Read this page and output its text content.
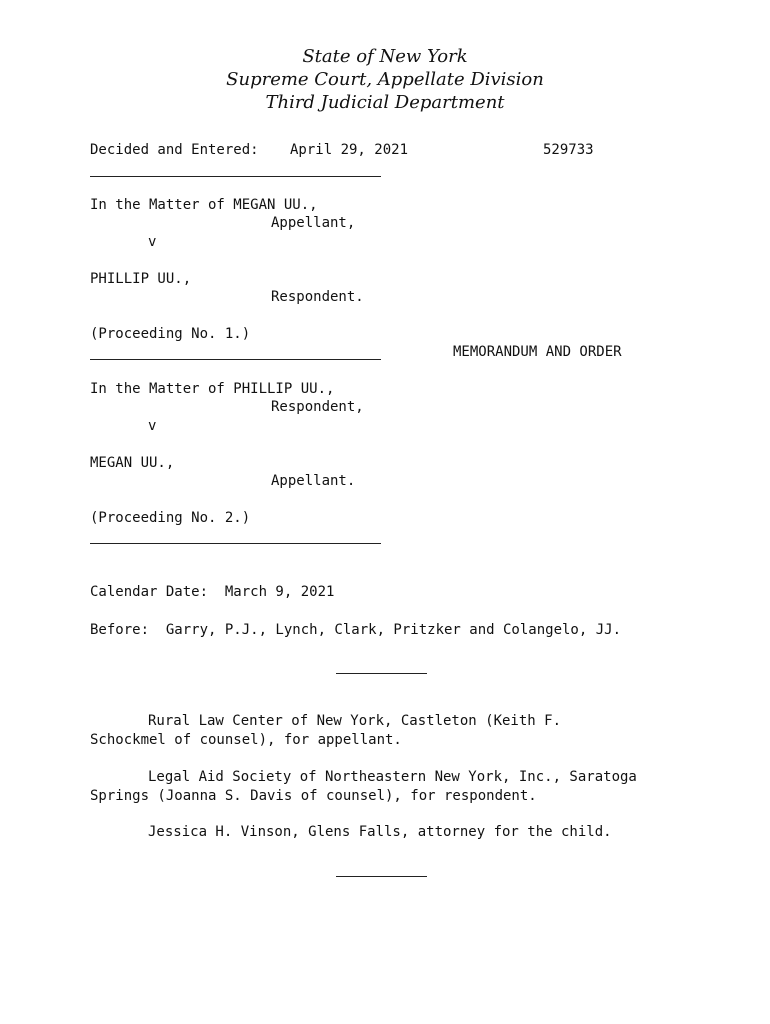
State of New York
Supreme Court, Appellate Division
Third Judicial Department
Decided and Entered: April 29, 2021	529733
In the Matter of MEGAN UU.,
Appellant,
v
PHILLIP UU.,
Respondent.
(Proceeding No. 1.)
MEMORANDUM AND ORDER
In the Matter of PHILLIP UU.,
Respondent,
v
MEGAN UU.,
Appellant.
(Proceeding No. 2.)
Calendar Date:  March 9, 2021
Before:  Garry, P.J., Lynch, Clark, Pritzker and Colangelo, JJ.
Rural Law Center of New York, Castleton (Keith F.
Schockmel of counsel), for appellant.
Legal Aid Society of Northeastern New York, Inc., Saratoga
Springs (Joanna S. Davis of counsel), for respondent.
Jessica H. Vinson, Glens Falls, attorney for the child.
